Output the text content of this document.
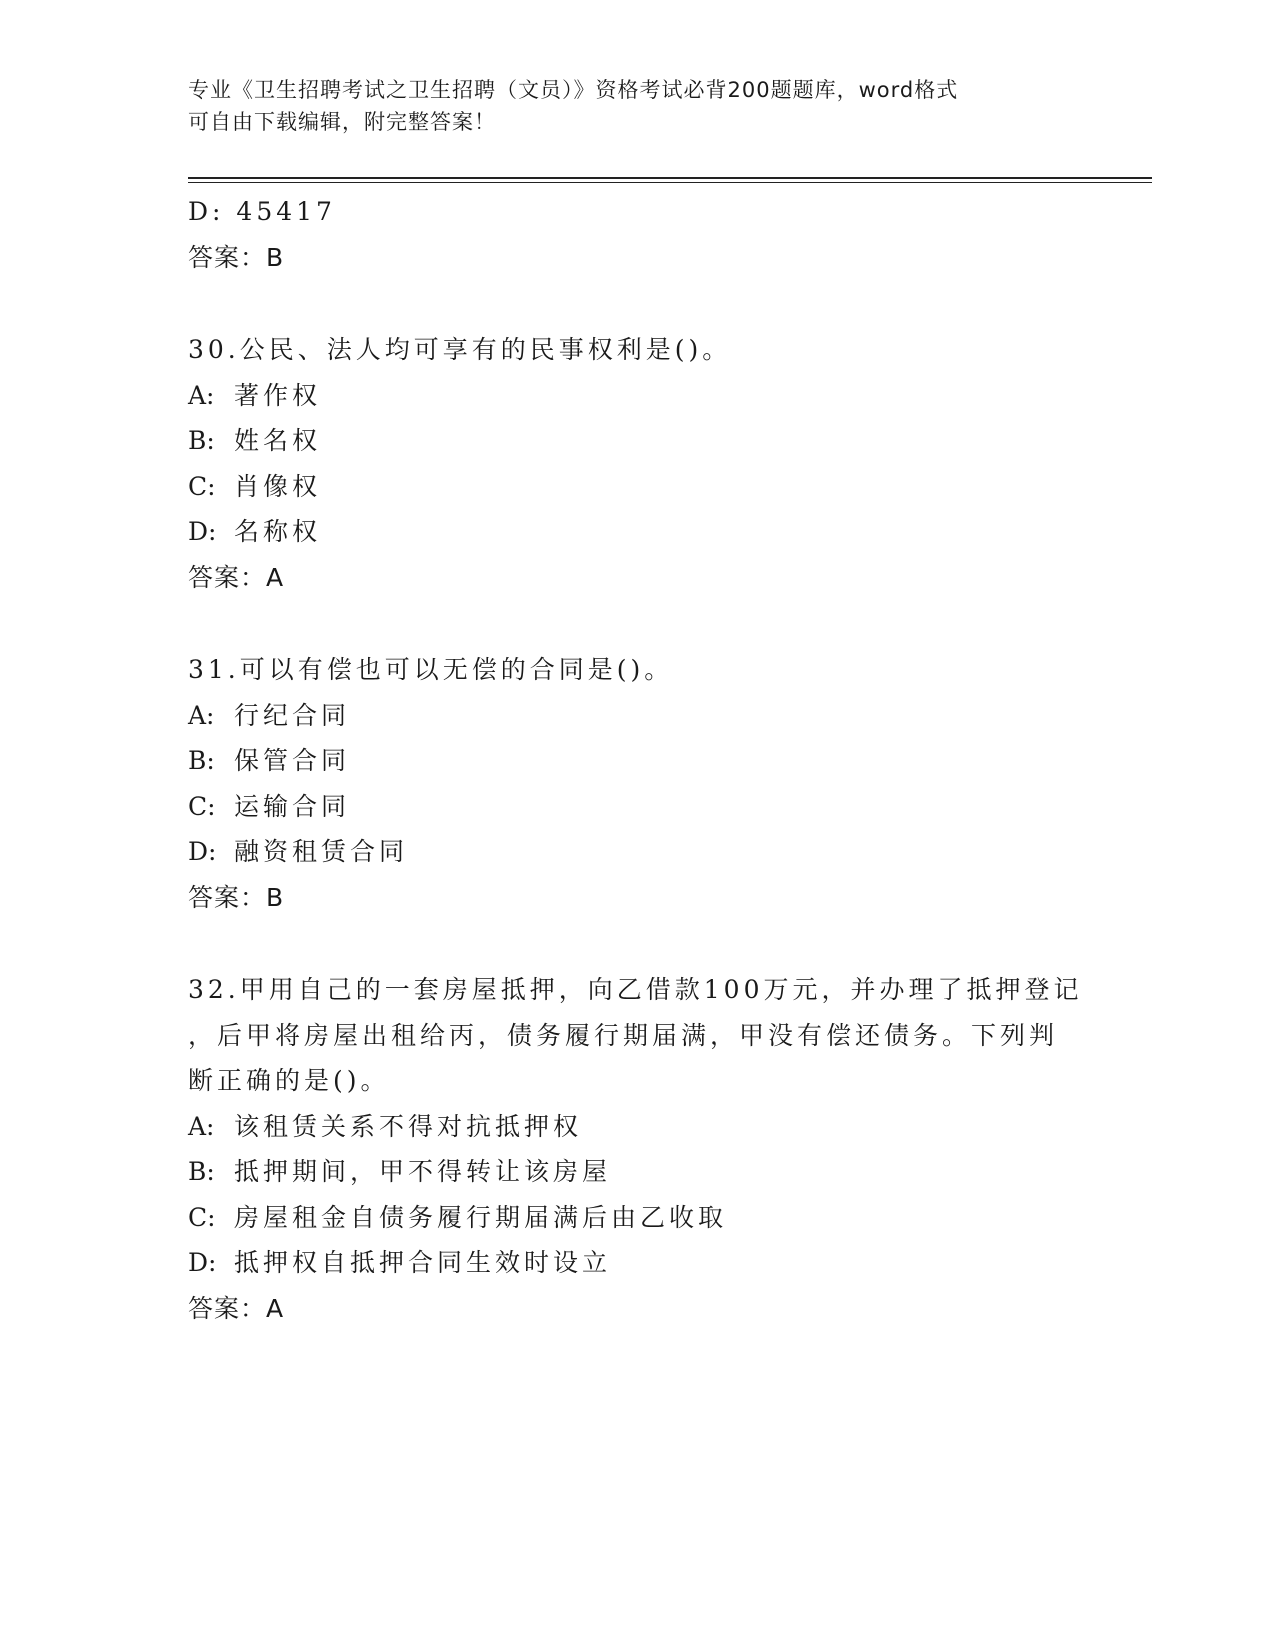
专业《卫生招聘考试之卫生招聘（文员）》资格考试必背200题题库，word格式
可自由下载编辑，附完整答案！
D: 45417
答案：B
30.公民、法人均可享有的民事权利是()。
A: 著作权
B: 姓名权
C: 肖像权
D: 名称权
答案：A
31.可以有偿也可以无偿的合同是()。
A: 行纪合同
B: 保管合同
C: 运输合同
D: 融资租赁合同
答案：B
32.甲用自己的一套房屋抵押，向乙借款100万元，并办理了抵押登记
，后甲将房屋出租给丙，债务履行期届满，甲没有偿还债务。下列判
断正确的是()。
A: 该租赁关系不得对抗抵押权
B: 抵押期间，甲不得转让该房屋
C: 房屋租金自债务履行期届满后由乙收取
D: 抵押权自抵押合同生效时设立
答案：A
